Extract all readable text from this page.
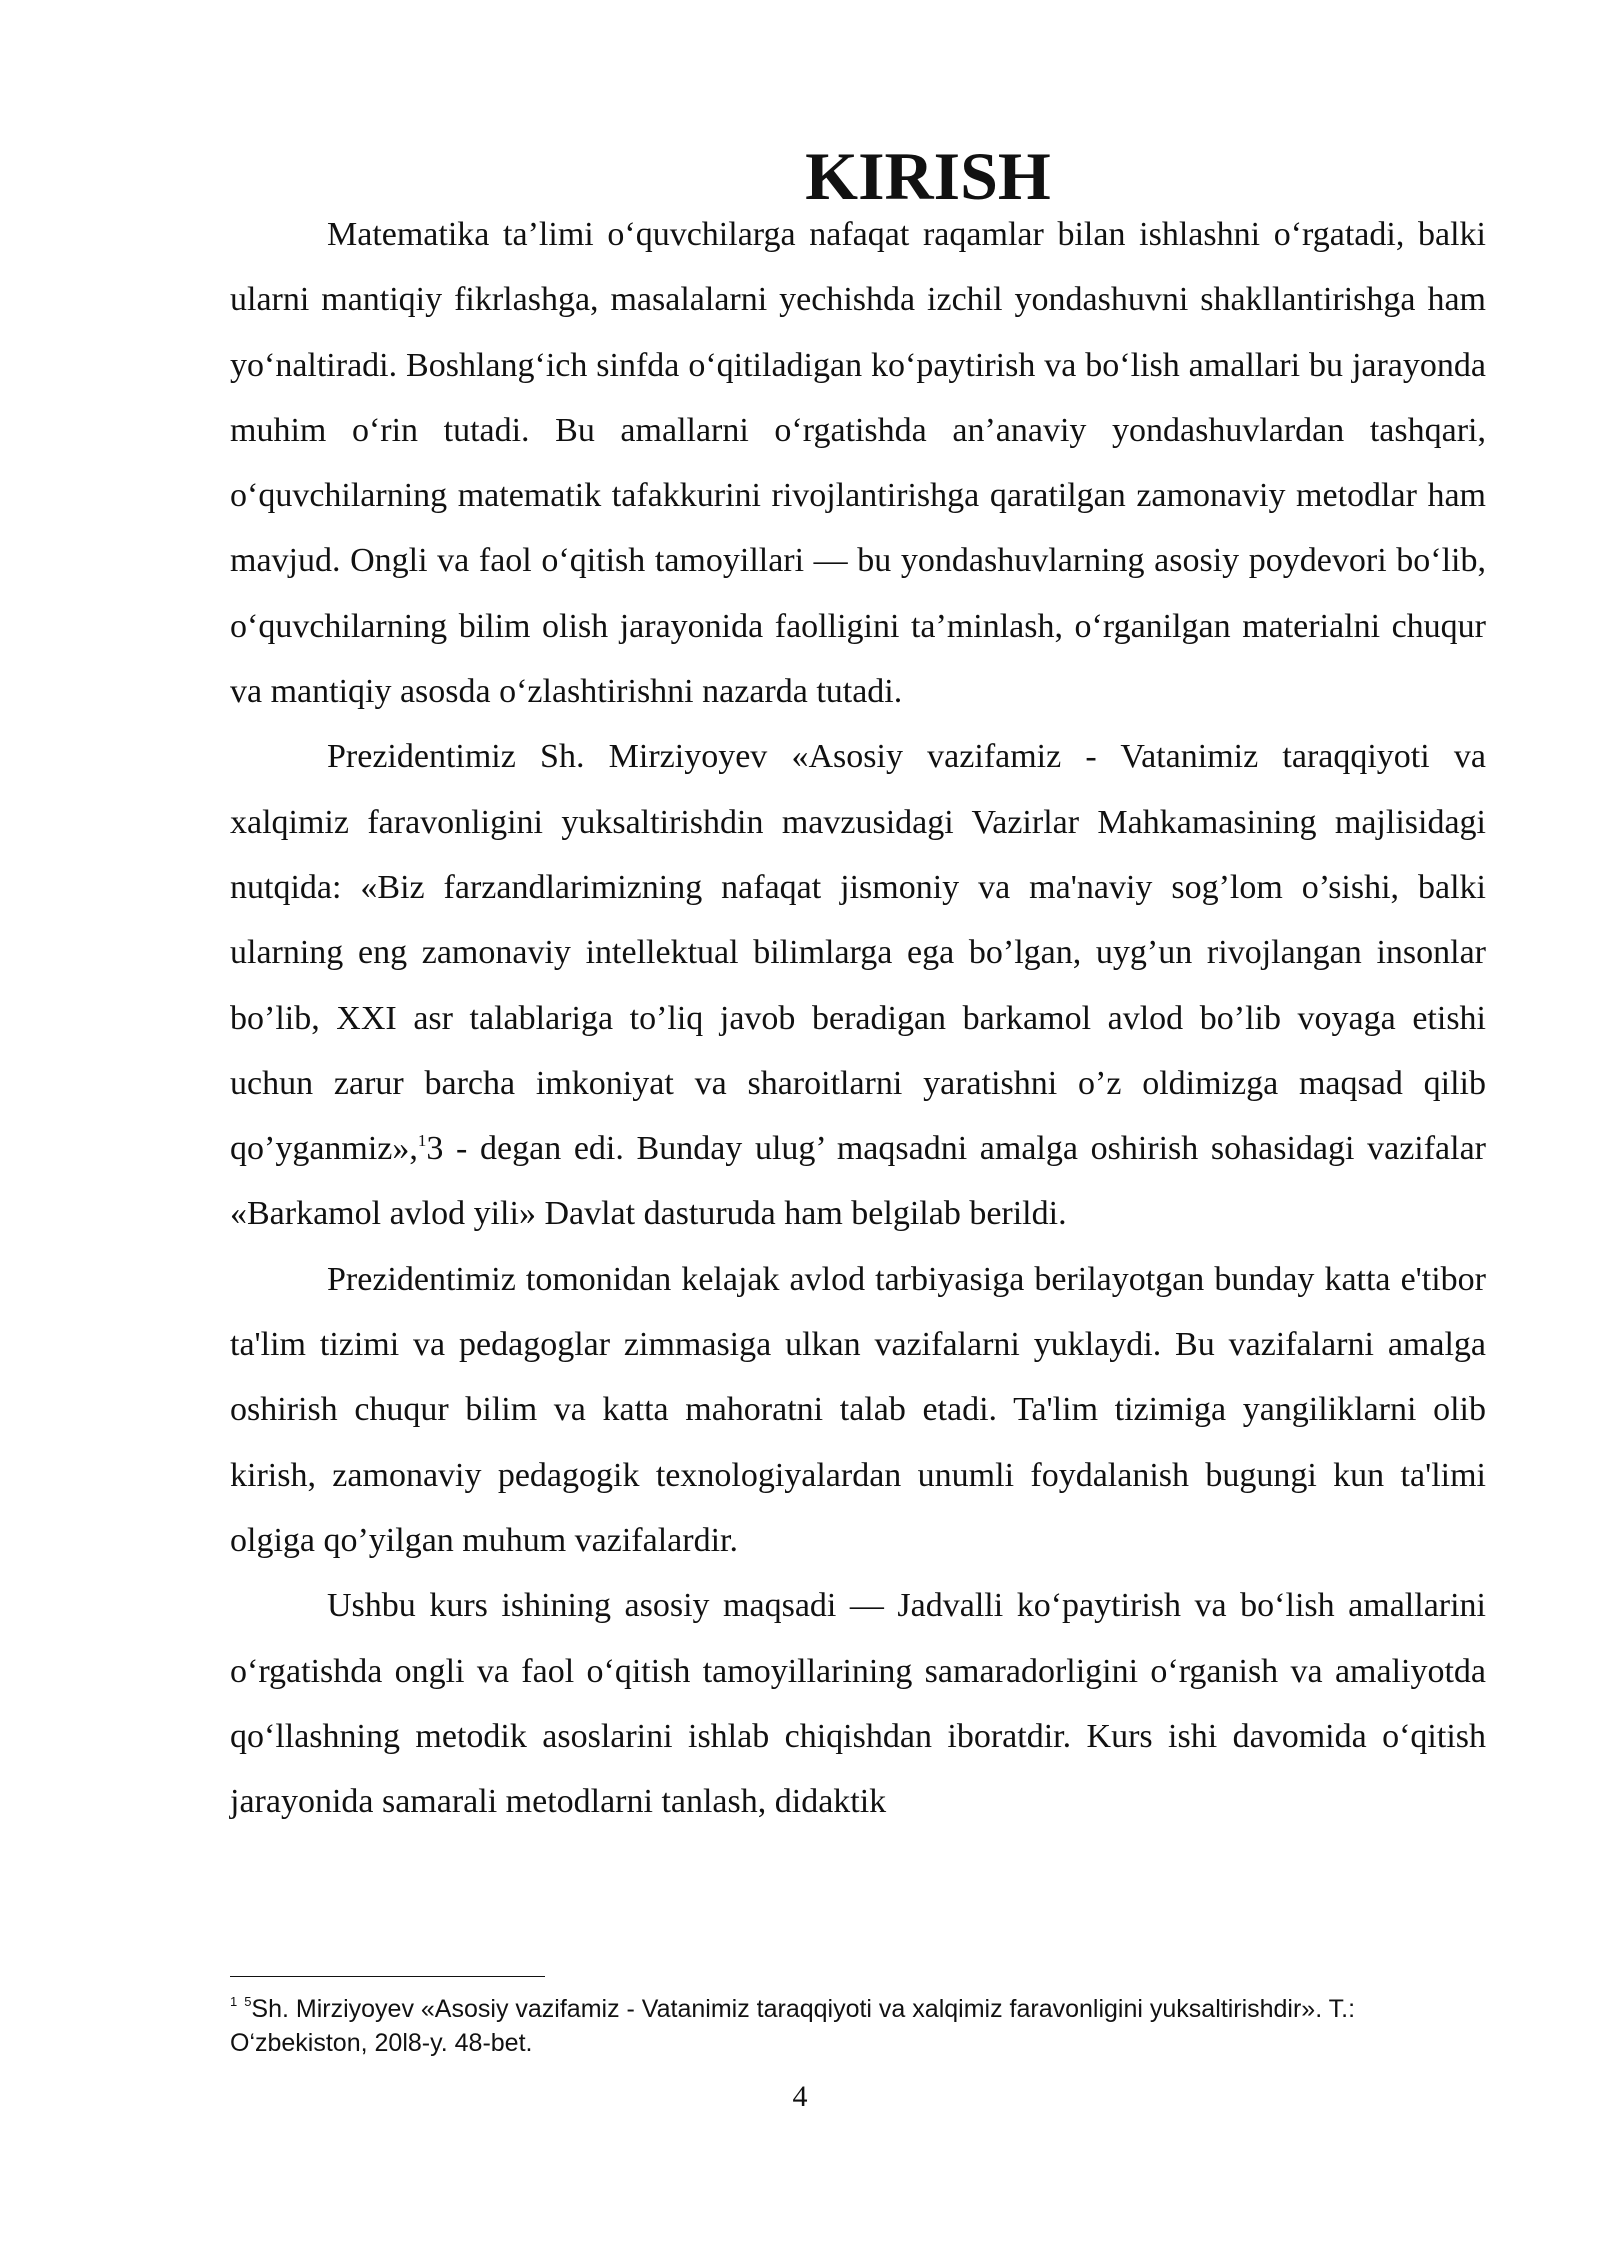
KIRISH

Matematika ta’limi o‘quvchilarga nafaqat raqamlar bilan ishlashni o‘rgatadi, balki ularni mantiqiy fikrlashga, masalalarni yechishda izchil yondashuvni shakllantirishga ham yo‘naltiradi. Boshlang‘ich sinfda o‘qitiladigan ko‘paytirish va bo‘lish amallari bu jarayonda muhim o‘rin tutadi. Bu amallarni o‘rgatishda an’anaviy yondashuvlardan tashqari, o‘quvchilarning matematik tafakkurini rivojlantirishga qaratilgan zamonaviy metodlar ham mavjud. Ongli va faol o‘qitish tamoyillari — bu yondashuvlarning asosiy poydevori bo‘lib, o‘quvchilarning bilim olish jarayonida faolligini ta’minlash, o‘rganilgan materialni chuqur va mantiqiy asosda o‘zlashtirishni nazarda tutadi.

Prezidentimiz Sh. Mirziyoyev «Asosiy vazifamiz - Vatanimiz taraqqiyoti va xalqimiz faravonligini yuksaltirishdin mavzusidagi Vazirlar Mahkamasining majlisidagi nutqida: «Biz farzandlarimizning nafaqat jismoniy va ma'naviy sog’lom o’sishi, balki ularning eng zamonaviy intellektual bilimlarga ega bo’lgan, uyg’un rivojlangan insonlar bo’lib, XXI asr talablariga to’liq javob beradigan barkamol avlod bo’lib voyaga etishi uchun zarur barcha imkoniyat va sharoitlarni yaratishni o’z oldimizga maqsad qilib qo’yganmiz»,$^1$3 - degan edi. Bunday ulug’ maqsadni amalga oshirish sohasidagi vazifalar «Barkamol avlod yili» Davlat dasturuda ham belgilab berildi.

Prezidentimiz tomonidan kelajak avlod tarbiyasiga berilayotgan bunday katta e'tibor ta'lim tizimi va pedagoglar zimmasiga ulkan vazifalarni yuklaydi. Bu vazifalarni amalga oshirish chuqur bilim va katta mahoratni talab etadi. Ta'lim tizimiga yangiliklarni olib kirish, zamonaviy pedagogik texnologiyalardan unumli foydalanish bugungi kun ta'limi olgiga qo’yilgan muhum vazifalardir.

Ushbu kurs ishining asosiy maqsadi — Jadvalli ko‘paytirish va bo‘lish amallarini o‘rgatishda ongli va faol o‘qitish tamoyillarining samaradorligini o‘rganish va amaliyotda qo‘llashning metodik asoslarini ishlab chiqishdan iboratdir. Kurs ishi davomida o‘qitish jarayonida samarali metodlarni tanlash, didaktik

$^1$ $^5$Sh. Mirziyoyev «Asosiy vazifamiz - Vatanimiz taraqqiyoti va xalqimiz faravonligini yuksaltirishdir». T.: O‘zbekiston, 20l8-y. 48-bet.
4
